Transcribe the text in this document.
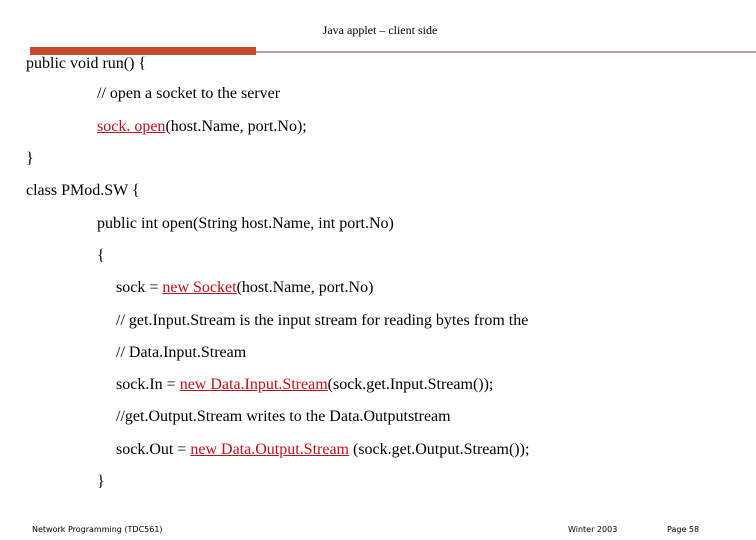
Java applet – client side
public void run() {
// open a socket to the server
sock. open(host.Name, port.No);
}
class PMod.SW {
public int open(String host.Name, int port.No)
{
sock = new Socket(host.Name, port.No)
// get.Input.Stream is the input stream for reading bytes from the
// Data.Input.Stream
sock.In = new Data.Input.Stream(sock.get.Input.Stream());
//get.Output.Stream writes to the Data.Outputstream
sock.Out = new Data.Output.Stream (sock.get.Output.Stream());
}
Network Programming (TDC561)	Winter 2003	Page 58
